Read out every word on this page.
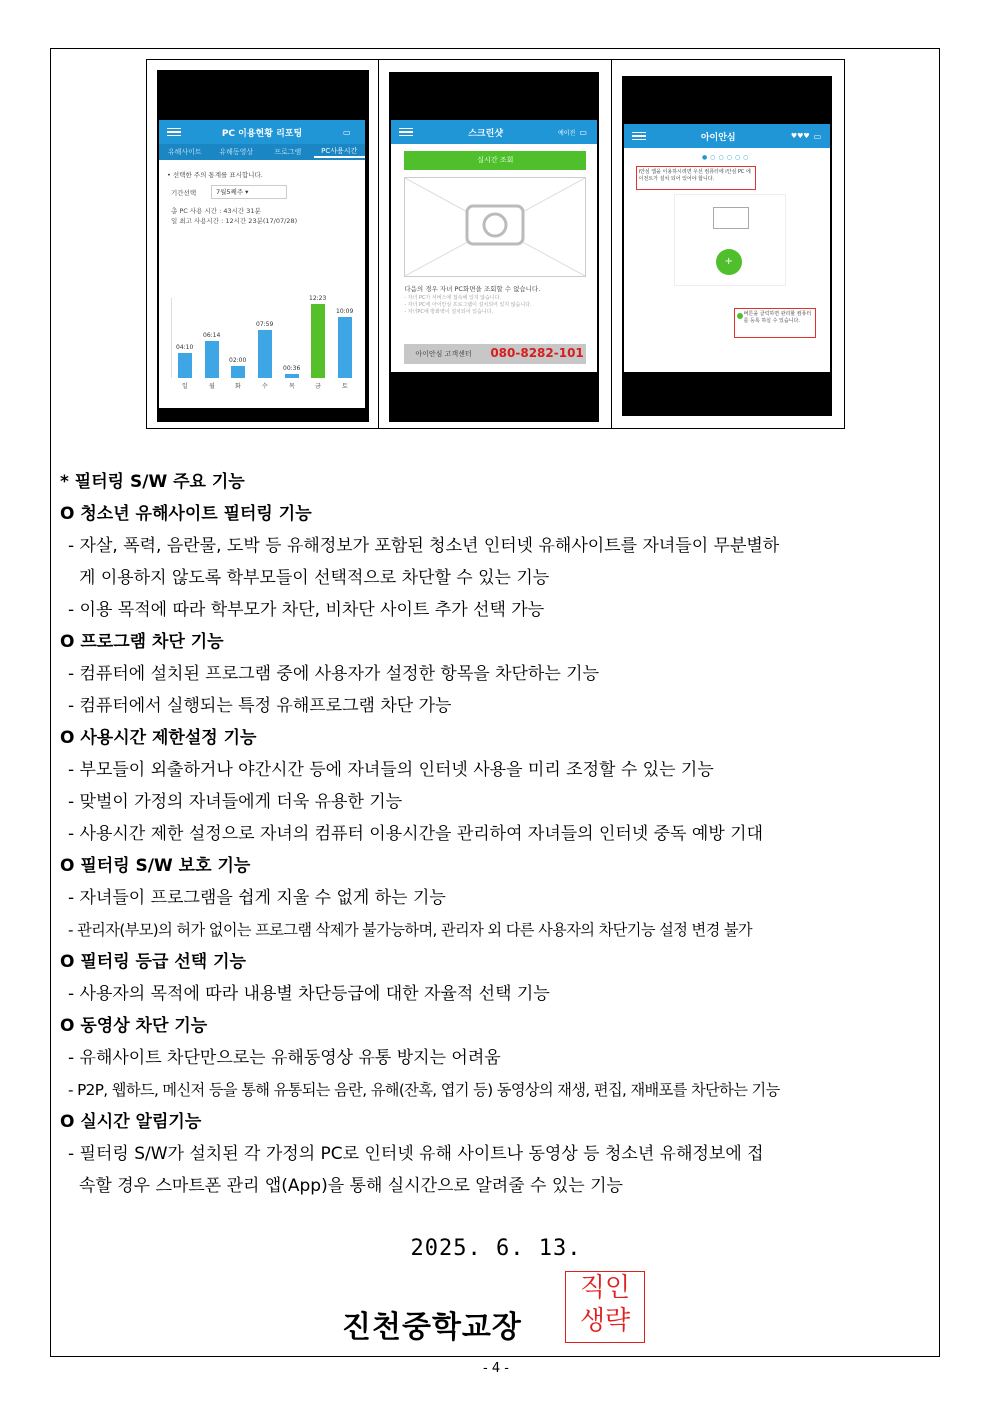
PC 이용현황 리포팅	▭
유해사이트	유해동영상	프로그램	PC사용시간
• 선택한 주의 통계를 표시합니다.
기간선택	7월5째주 ▾
총 PC 사용 시간 : 43시간 31분
일 최고 사용시간 : 12시간 23분(17/07/28)
04:10
일
06:14
월
02:00
화
07:59
수
00:36
목
12:23
금
10:09
토
스크린샷	예이전 ▭
실시간 조회
다음의 경우 자녀 PC화면을 조회할 수 없습니다.
- 자녀 PC가 서버스에 접속해 있지 않습니다.
- 자녀 PC에 아이안심 프로그램이 설치되어 있지 않습니다.
- 자녀PC에 방화벽이 설치되어 있습니다.
아이안심 고객센터 080-8282-101
아이안심	♥♥♥ ▭
●○○○○○
i안심 앱을 이용하시려면 우선 컴퓨터에 i안심 PC 에이전트가 설치 되어 있어야 합니다.
+
버튼을 클릭하면 관리할 컴퓨터를 등록 하실 수 있습니다.
* 필터링 S/W 주요 기능
O 청소년 유해사이트 필터링 기능
- 자살, 폭력, 음란물, 도박 등 유해정보가 포함된 청소년 인터넷 유해사이트를 자녀들이 무분별하
게 이용하지 않도록 학부모들이 선택적으로 차단할 수 있는 기능
- 이용 목적에 따라 학부모가 차단, 비차단 사이트 추가 선택 가능
O 프로그램 차단 기능
- 컴퓨터에 설치된 프로그램 중에 사용자가 설정한 항목을 차단하는 기능
- 컴퓨터에서 실행되는 특정 유해프로그램 차단 가능
O 사용시간 제한설정 기능
- 부모들이 외출하거나 야간시간 등에 자녀들의 인터넷 사용을 미리 조정할 수 있는 기능
- 맞벌이 가정의 자녀들에게 더욱 유용한 기능
- 사용시간 제한 설정으로 자녀의 컴퓨터 이용시간을 관리하여 자녀들의 인터넷 중독 예방 기대
O 필터링 S/W 보호 기능
- 자녀들이 프로그램을 쉽게 지울 수 없게 하는 기능
- 관리자(부모)의 허가 없이는 프로그램 삭제가 불가능하며, 관리자 외 다른 사용자의 차단기능 설정 변경 불가
O 필터링 등급 선택 기능
- 사용자의 목적에 따라 내용별 차단등급에 대한 자율적 선택 기능
O 동영상 차단 기능
- 유해사이트 차단만으로는 유해동영상 유통 방지는 어려움
- P2P, 웹하드, 메신저 등을 통해 유통되는 음란, 유해(잔혹, 엽기 등) 동영상의 재생, 편집, 재배포를 차단하는 기능
O 실시간 알림기능
- 필터링 S/W가 설치된 각 가정의 PC로 인터넷 유해 사이트나 동영상 등 청소년 유해정보에 접
속할 경우 스마트폰 관리 앱(App)을 통해 실시간으로 알려줄 수 있는 기능
2025. 6. 13.
진천중학교장
직인
생략
- 4 -
